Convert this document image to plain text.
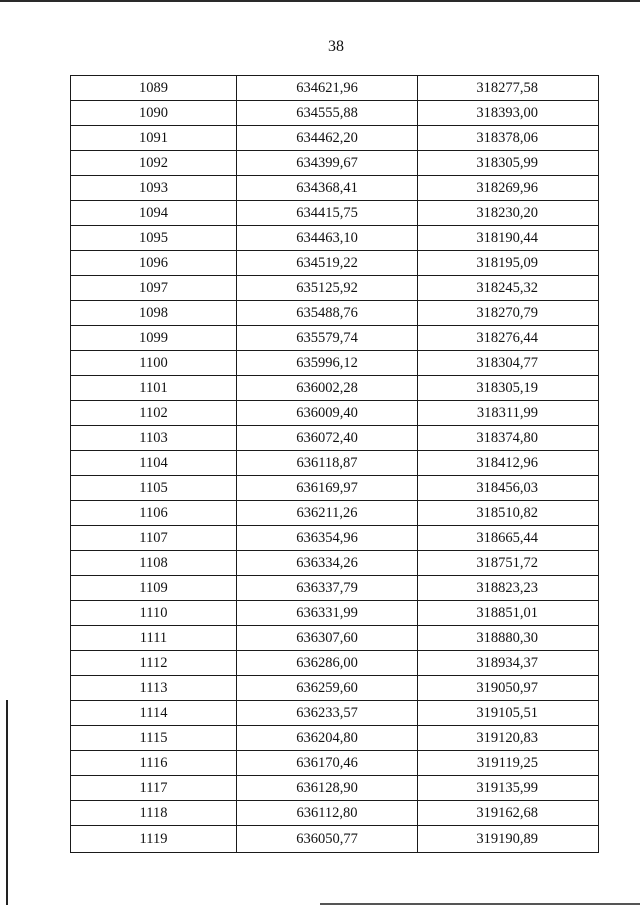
38
1089	634621,96	318277,58
1090	634555,88	318393,00
1091	634462,20	318378,06
1092	634399,67	318305,99
1093	634368,41	318269,96
1094	634415,75	318230,20
1095	634463,10	318190,44
1096	634519,22	318195,09
1097	635125,92	318245,32
1098	635488,76	318270,79
1099	635579,74	318276,44
1100	635996,12	318304,77
1101	636002,28	318305,19
1102	636009,40	318311,99
1103	636072,40	318374,80
1104	636118,87	318412,96
1105	636169,97	318456,03
1106	636211,26	318510,82
1107	636354,96	318665,44
1108	636334,26	318751,72
1109	636337,79	318823,23
1110	636331,99	318851,01
1111	636307,60	318880,30
1112	636286,00	318934,37
1113	636259,60	319050,97
1114	636233,57	319105,51
1115	636204,80	319120,83
1116	636170,46	319119,25
1117	636128,90	319135,99
1118	636112,80	319162,68
1119	636050,77	319190,89
